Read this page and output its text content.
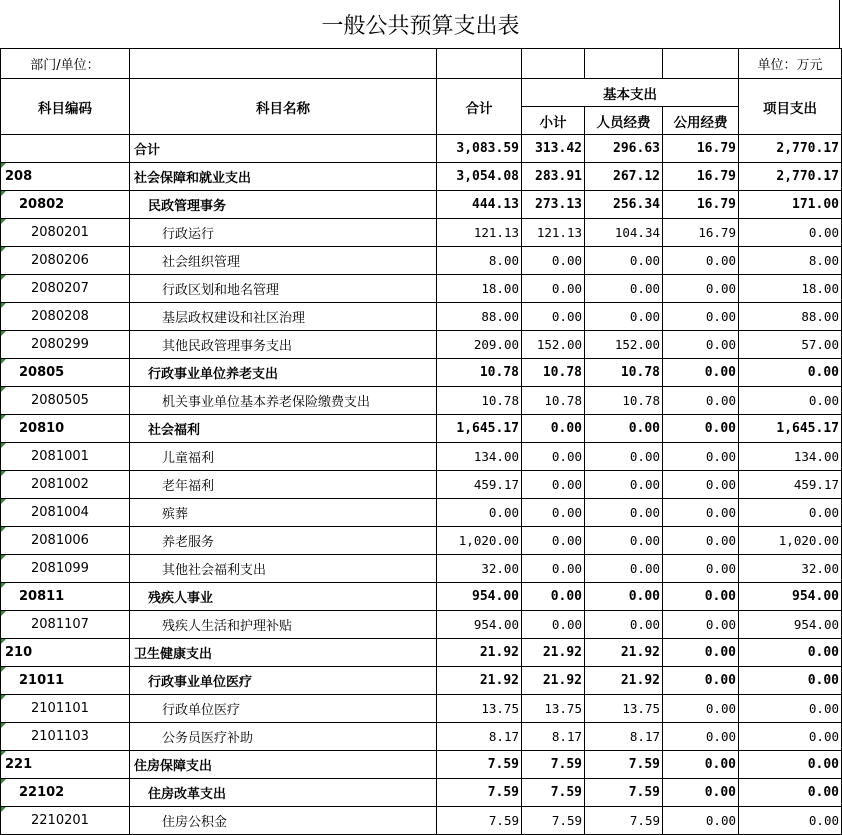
一般公共预算支出表
部门/单位：						单位：万元
科目编码	科目名称	合计	基本支出			项目支出
			小计	人员经费	公用经费	
	合计	3,083.59	313.42	296.63	16.79	2,770.17

208	社会保障和就业支出	3,054.08	283.91	267.12	16.79	2,770.17

20802	民政管理事务	444.13	273.13	256.34	16.79	171.00

2080201	行政运行	121.13	121.13	104.34	16.79	0.00

2080206	社会组织管理	8.00	0.00	0.00	0.00	8.00

2080207	行政区划和地名管理	18.00	0.00	0.00	0.00	18.00

2080208	基层政权建设和社区治理	88.00	0.00	0.00	0.00	88.00

2080299	其他民政管理事务支出	209.00	152.00	152.00	0.00	57.00

20805	行政事业单位养老支出	10.78	10.78	10.78	0.00	0.00

2080505	机关事业单位基本养老保险缴费支出	10.78	10.78	10.78	0.00	0.00

20810	社会福利	1,645.17	0.00	0.00	0.00	1,645.17

2081001	儿童福利	134.00	0.00	0.00	0.00	134.00

2081002	老年福利	459.17	0.00	0.00	0.00	459.17

2081004	殡葬	0.00	0.00	0.00	0.00	0.00

2081006	养老服务	1,020.00	0.00	0.00	0.00	1,020.00

2081099	其他社会福利支出	32.00	0.00	0.00	0.00	32.00

20811	残疾人事业	954.00	0.00	0.00	0.00	954.00

2081107	残疾人生活和护理补贴	954.00	0.00	0.00	0.00	954.00

210	卫生健康支出	21.92	21.92	21.92	0.00	0.00

21011	行政事业单位医疗	21.92	21.92	21.92	0.00	0.00

2101101	行政单位医疗	13.75	13.75	13.75	0.00	0.00

2101103	公务员医疗补助	8.17	8.17	8.17	0.00	0.00

221	住房保障支出	7.59	7.59	7.59	0.00	0.00

22102	住房改革支出	7.59	7.59	7.59	0.00	0.00

2210201	住房公积金	7.59	7.59	7.59	0.00	0.00
